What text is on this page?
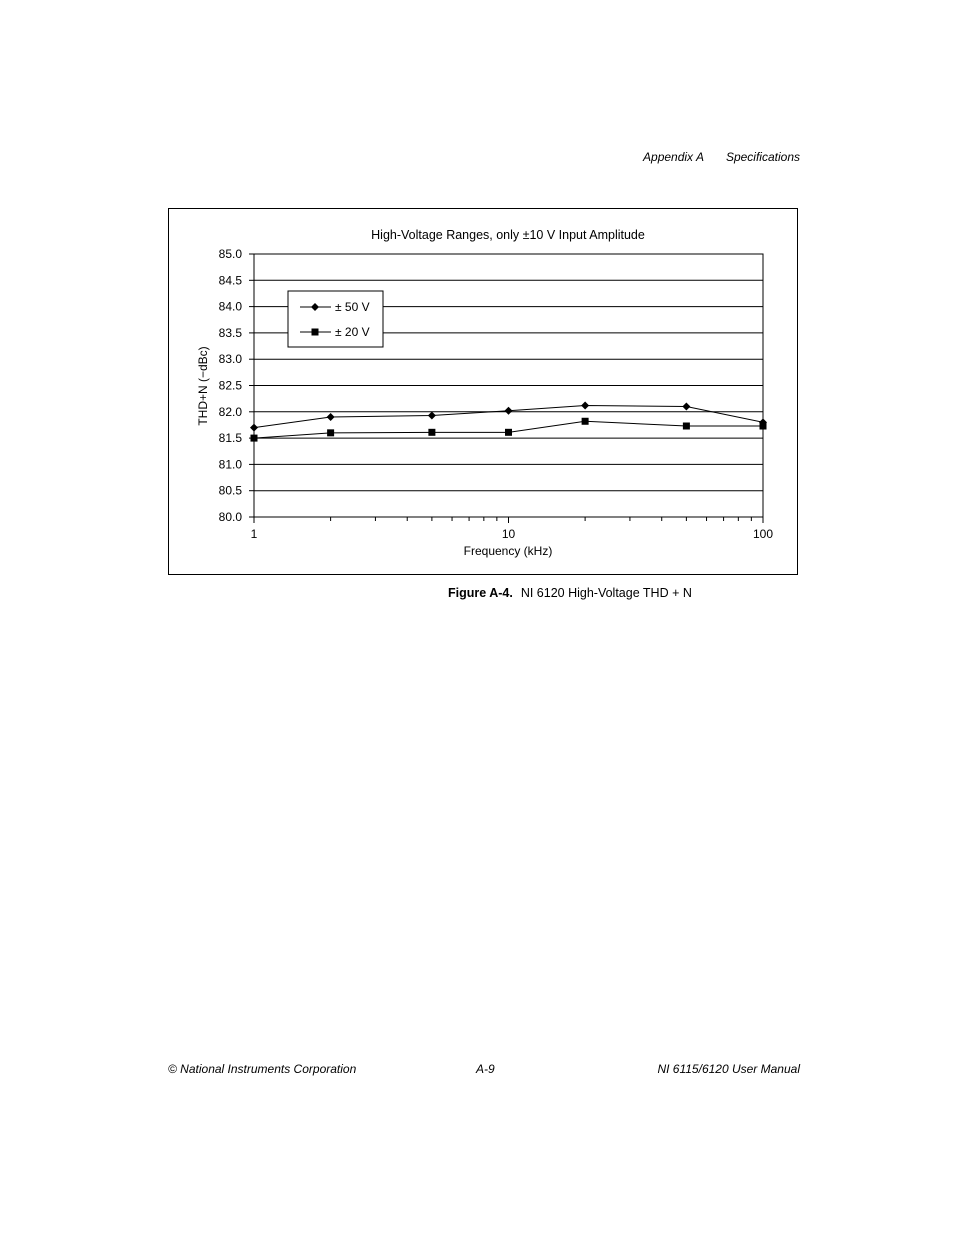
Appendix A Specifications
High-Voltage Ranges, only ±10 V Input Amplitude
80.0
80.5
81.0
81.5
82.0
82.5
83.0
83.5
84.0
84.5
85.0
1	10	100
Frequency (kHz)
THD+N (−dBc)
± 50 V
± 20 V
Figure A-4. NI 6120 High-Voltage THD + N
© National Instruments Corporation	A-9	NI 6115/6120 User Manual
